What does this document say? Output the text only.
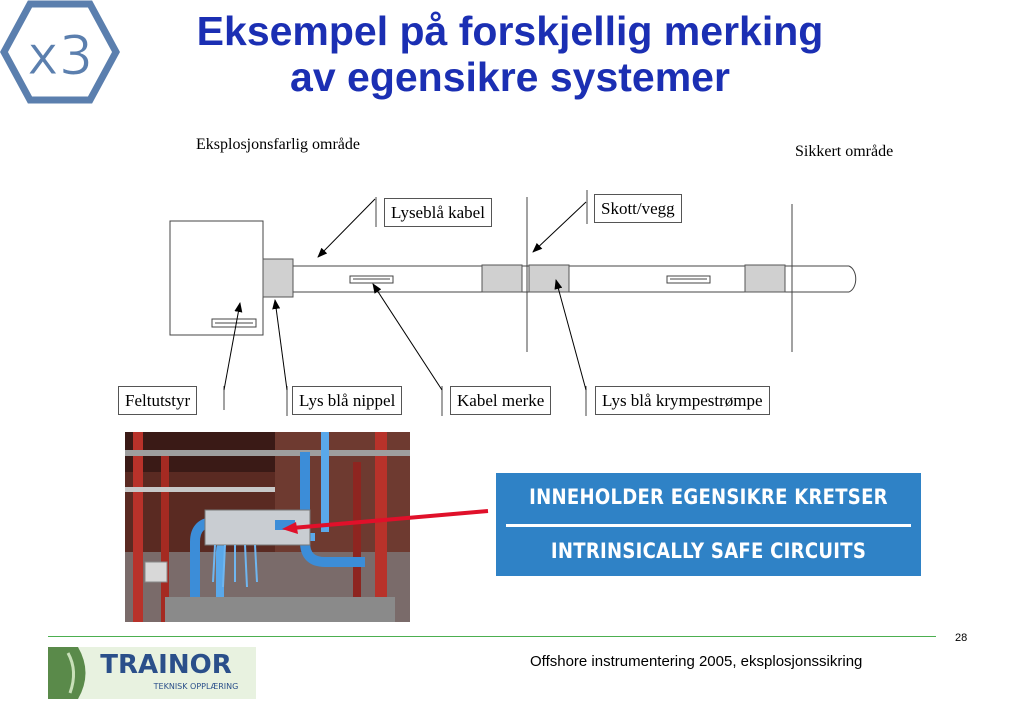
x3	Eksempel på forskjellig merking
av egensikre systemer
Eksplosjonsfarlig område	Sikkert område
Lyseblå kabel	Skott/vegg
Feltutstyr	Lys blå nippel	Kabel merke	Lys blå krympestrømpe
INNEHOLDER EGENSIKRE KRETSER
INTRINSICALLY SAFE CIRCUITS
28
Offshore instrumentering 2005, eksplosjonssikring
TRAINOR
TEKNISK OPPLÆRING
